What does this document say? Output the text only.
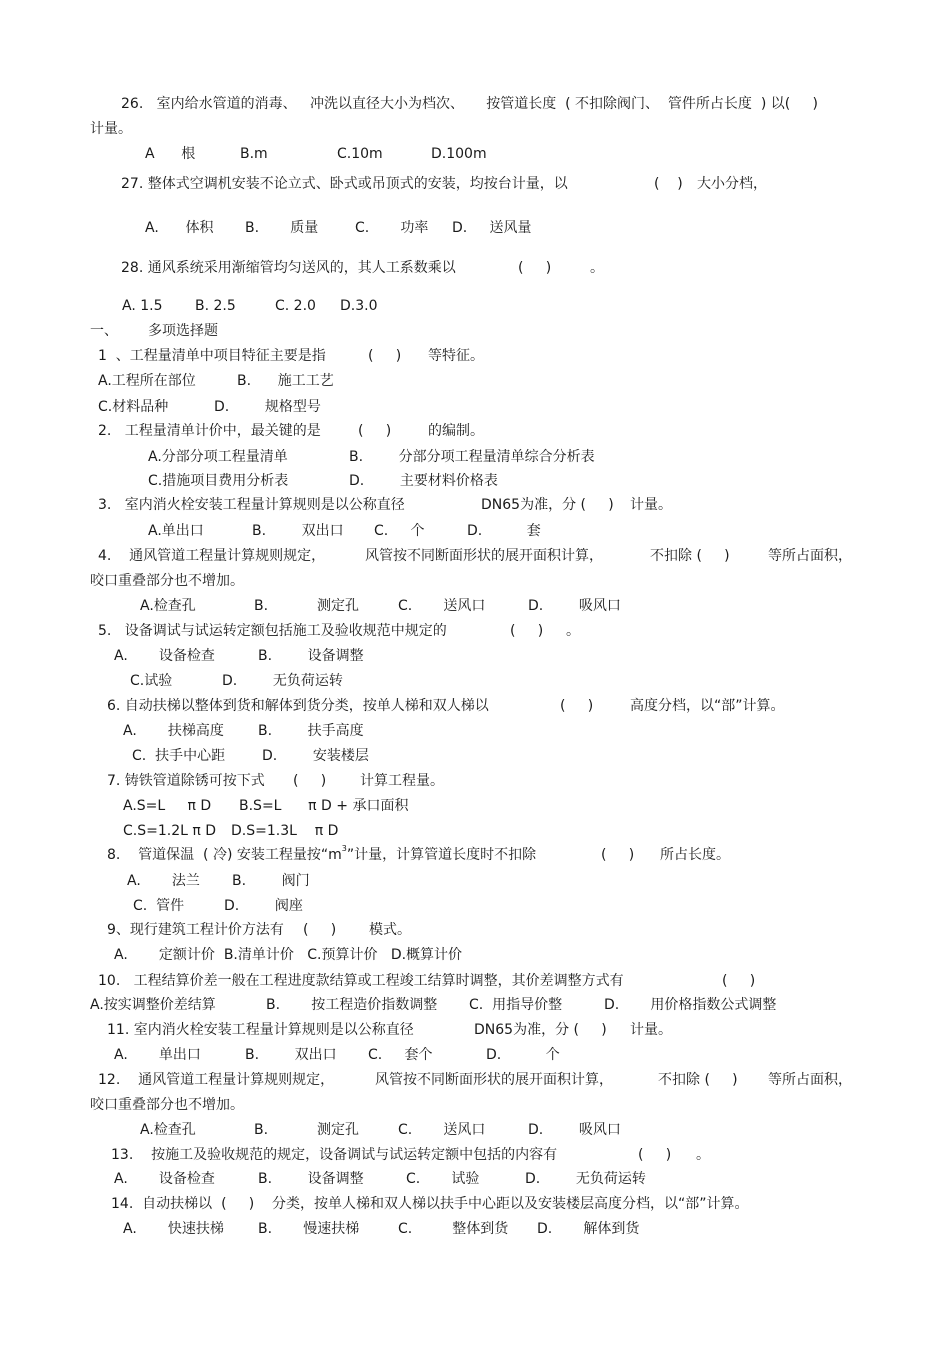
26.   室内给水管道的消毒、   冲洗以直径大小为档次、     按管道长度  ( 不扣除阀门、  管件所占长度  ) 以(     )
计量。
A      根	B.m	C.10m	D.100m
27. 整体式空调机安装不论立式、卧式或吊顶式的安装，均按台计量，以	(    ) 大小分档，
A.      体积 B.       质量	C.       功率 D.     送风量
28. 通风系统采用渐缩管均匀送风的，其人工系数乘以	(     )	。
A. 1.5 B. 2.5	C. 2.0 D.3.0
一、 多项选择题
1  、工程量清单中项目特征主要是指	(     ) 等特征。
A.工程所在部位	B.      施工工艺
C.材料品种	D.        规格型号
2.   工程量清单计价中，最关键的是	(     )	的编制。
A.分部分项工程量清单	B.        分部分项工程量清单综合分析表
C.措施项目费用分析表	D.        主要材料价格表
3.   室内消火栓安装工程量计算规则是以公称直径	DN65为准，分 (     ) 计量。
A.单出口	B.        双出口 C.     个	D.          套
4.    通风管道工程量计算规则规定，	风管按不同断面形状的展开面积计算，	不扣除 (     )	等所占面积，
咬口重叠部分也不增加。
A.检查孔	B.           测定孔	C.       送风口	D.        吸风口
5.   设备调试与试运转定额包括施工及验收规范中规定的	(     ) 。
A.       设备检查	B.        设备调整
C.试验	D.        无负荷运转
6. 自动扶梯以整体到货和解体到货分类，按单人梯和双人梯以	(     )	高度分档，以“部”计算。
A.       扶梯高度 B.        扶手高度
C.  扶手中心距	D.        安装楼层
7. 铸铁管道除锈可按下式 (     ) 计算工程量。
A.S=L     π D B.S=L      π D + 承口面积
C.S=1.2L π D D.S=1.3L    π D
8.    管道保温  ( 冷) 安装工程量按“$m^3$”计量，计算管道长度时不扣除	(     ) 所占长度。
A.       法兰 B.        阀门
C.  管件	D.        阀座
9、现行建筑工程计价方法有 (     ) 模式。
A.       定额计价  B.清单计价   C.预算计价   D.概算计价
10.   工程结算价差一般在工程进度款结算或工程竣工结算时调整，其价差调整方式有	(     )
A.按实调整价差结算	B.       按工程造价指数调整 C.  用指导价整	D.       用价格指数公式调整
11. 室内消火栓安装工程量计算规则是以公称直径	DN65为准，分 (     ) 计量。
A.       单出口	B.        双出口 C.     套个	D.          个
12.    通风管道工程量计算规则规定，	风管按不同断面形状的展开面积计算，	不扣除 (     ) 等所占面积，
咬口重叠部分也不增加。
A.检查孔	B.           测定孔	C.       送风口	D.        吸风口
13.    按施工及验收规范的规定，设备调试与试运转定额中包括的内容有	(     ) 。
A.       设备检查	B.        设备调整	C.       试验	D.        无负荷运转
14.  自动扶梯以  (     )    分类，按单人梯和双人梯以扶手中心距以及安装楼层高度分档，以“部”计算。
A.       快速扶梯 B.       慢速扶梯	C.         整体到货 D.       解体到货
